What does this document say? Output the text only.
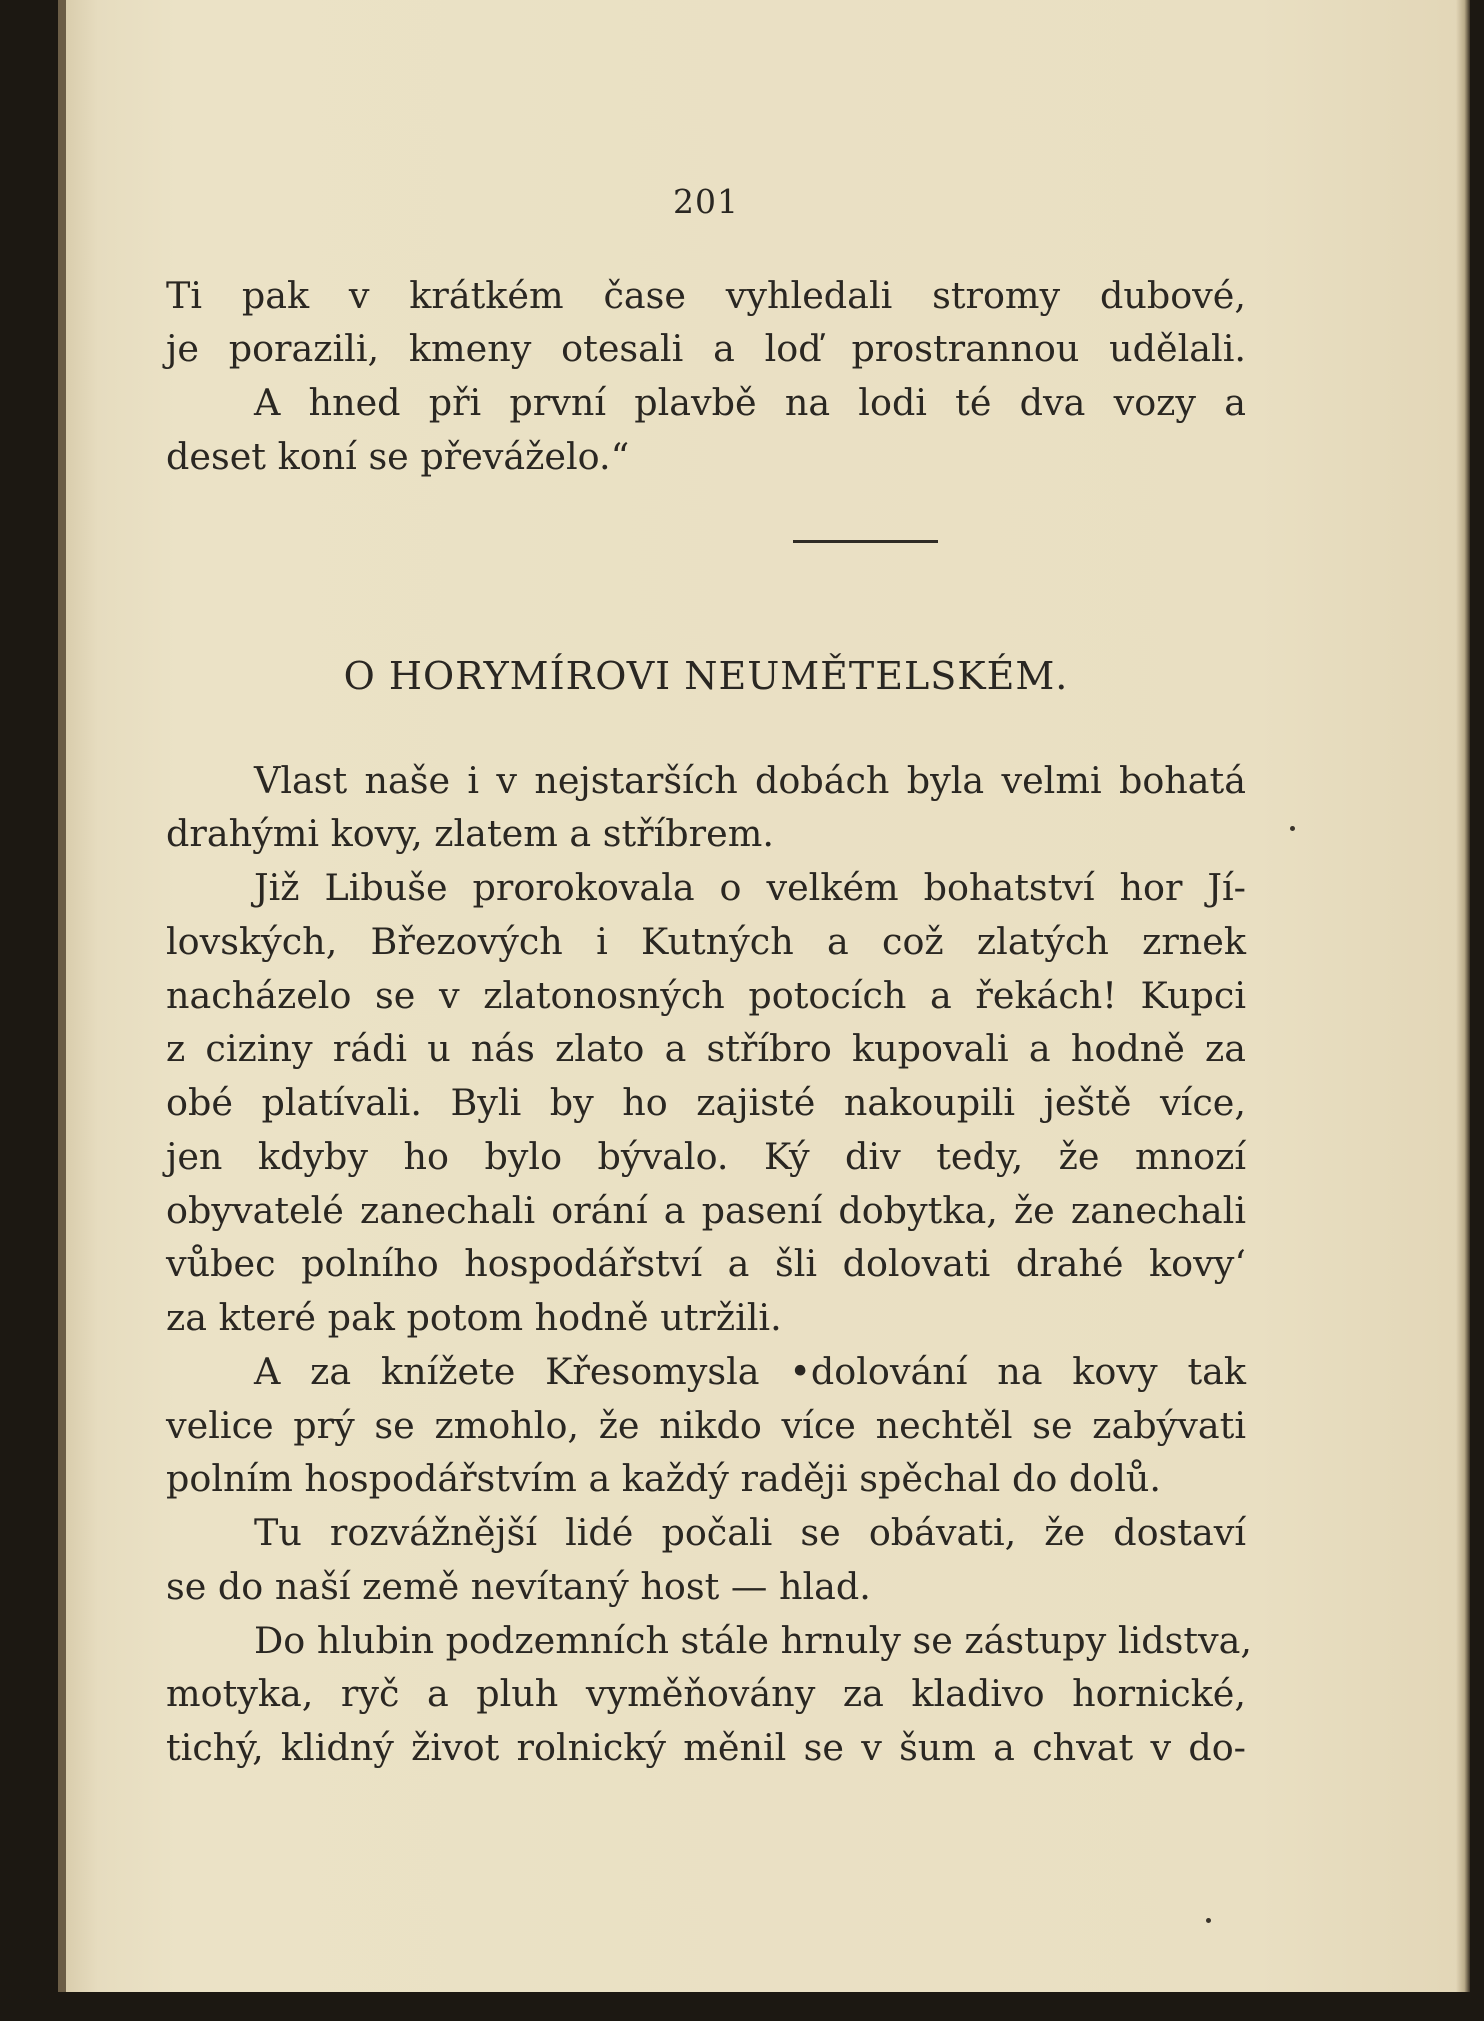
201
Ti pak v krátkém čase vyhledali stromy dubové,
je porazili, kmeny otesali a loď prostrannou udělali.
A hned při první plavbě na lodi té dva vozy a
deset koní se převáželo.“
O HORYMÍROVI NEUMĚTELSKÉM.
Vlast naše i v nejstarších dobách byla velmi bohatá
drahými kovy, zlatem a stříbrem.
Již Libuše prorokovala o velkém bohatství hor Jí-
lovských, Březových i Kutných a což zlatých zrnek
nacházelo se v zlatonosných potocích a řekách! Kupci
z ciziny rádi u nás zlato a stříbro kupovali a hodně za
obé platívali. Byli by ho zajisté nakoupili ještě více,
jen kdyby ho bylo bývalo. Ký div tedy, že mnozí
obyvatelé zanechali orání a pasení dobytka, že zanechali
vůbec polního hospodářství a šli dolovati drahé kovy‘
za které pak potom hodně utržili.
A za knížete Křesomysla •dolování na kovy tak
velice prý se zmohlo, že nikdo více nechtěl se zabývati
polním hospodářstvím a každý raději spěchal do dolů.
Tu rozvážnější lidé počali se obávati, že dostaví
se do naší země nevítaný host — hlad.
Do hlubin podzemních stále hrnuly se zástupy lidstva,
motyka, ryč a pluh vyměňovány za kladivo hornické,
tichý, klidný život rolnický měnil se v šum a chvat v do-
